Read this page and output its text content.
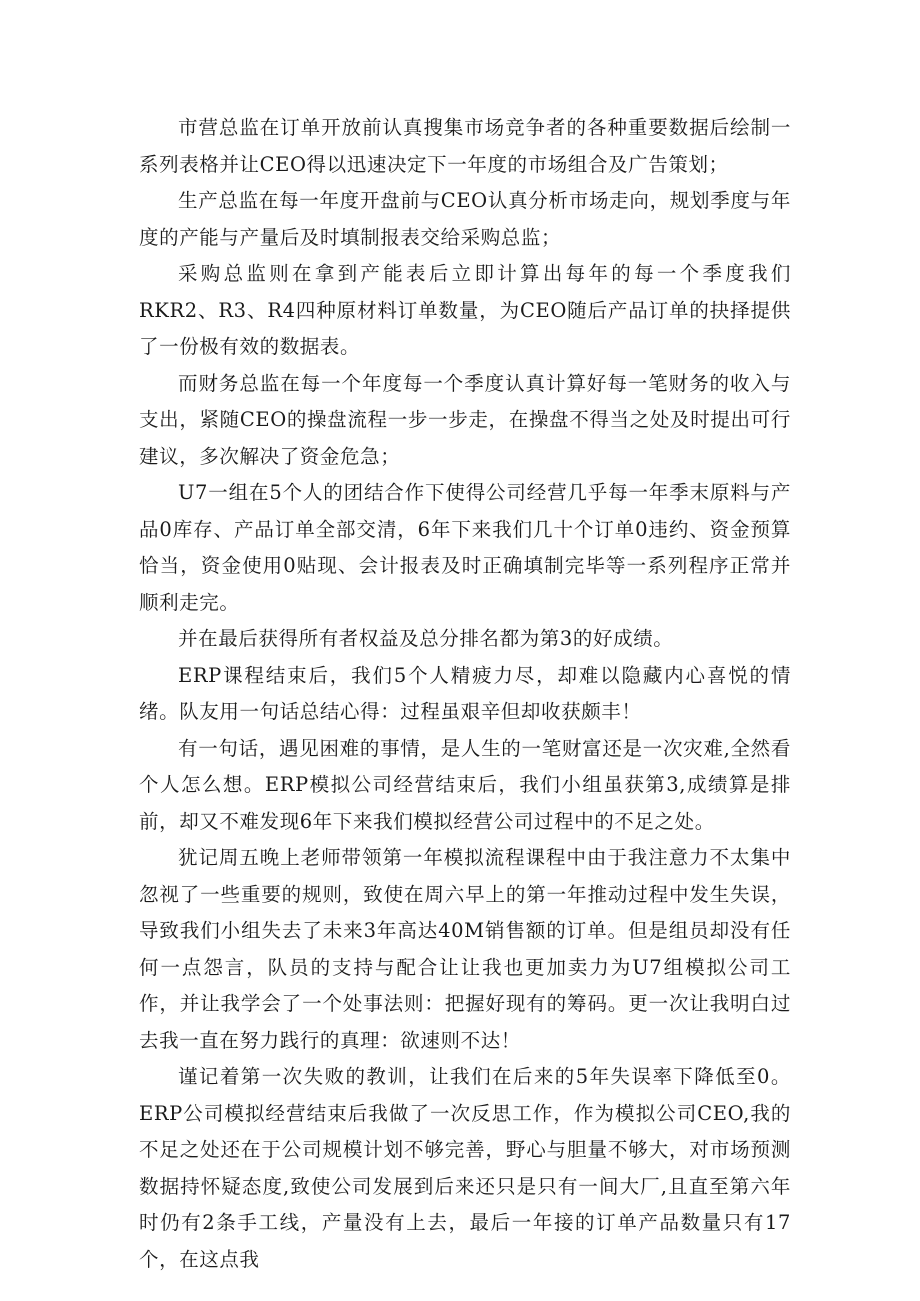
市营总监在订单开放前认真搜集市场竞争者的各种重要数据后绘制一系列表格并让CEO得以迅速决定下一年度的市场组合及广告策划；

生产总监在每一年度开盘前与CEO认真分析市场走向，规划季度与年度的产能与产量后及时填制报表交给采购总监；

采购总监则在拿到产能表后立即计算出每年的每一个季度我们RKR2、R3、R4四种原材料订单数量，为CEO随后产品订单的抉择提供了一份极有效的数据表。

而财务总监在每一个年度每一个季度认真计算好每一笔财务的收入与支出，紧随CEO的操盘流程一步一步走，在操盘不得当之处及时提出可行建议，多次解决了资金危急；

U7一组在5个人的团结合作下使得公司经营几乎每一年季末原料与产品0库存、产品订单全部交清，6年下来我们几十个订单0违约、资金预算恰当，资金使用0贴现、会计报表及时正确填制完毕等一系列程序正常并顺利走完。

并在最后获得所有者权益及总分排名都为第3的好成绩。

ERP课程结束后，我们5个人精疲力尽，却难以隐藏内心喜悦的情绪。队友用一句话总结心得：过程虽艰辛但却收获颇丰！

有一句话，遇见困难的事情，是人生的一笔财富还是一次灾难,全然看个人怎么想。ERP模拟公司经营结束后，我们小组虽获第3,成绩算是排前，却又不难发现6年下来我们模拟经营公司过程中的不足之处。

犹记周五晚上老师带领第一年模拟流程课程中由于我注意力不太集中忽视了一些重要的规则，致使在周六早上的第一年推动过程中发生失误，导致我们小组失去了未来3年高达40M销售额的订单。但是组员却没有任何一点怨言，队员的支持与配合让让我也更加卖力为U7组模拟公司工作，并让我学会了一个处事法则：把握好现有的筹码。更一次让我明白过去我一直在努力践行的真理：欲速则不达！

谨记着第一次失败的教训，让我们在后来的5年失误率下降低至0。ERP公司模拟经营结束后我做了一次反思工作，作为模拟公司CEO,我的不足之处还在于公司规模计划不够完善，野心与胆量不够大，对市场预测数据持怀疑态度,致使公司发展到后来还只是只有一间大厂,且直至第六年时仍有2条手工线，产量没有上去，最后一年接的订单产品数量只有17个，在这点我
